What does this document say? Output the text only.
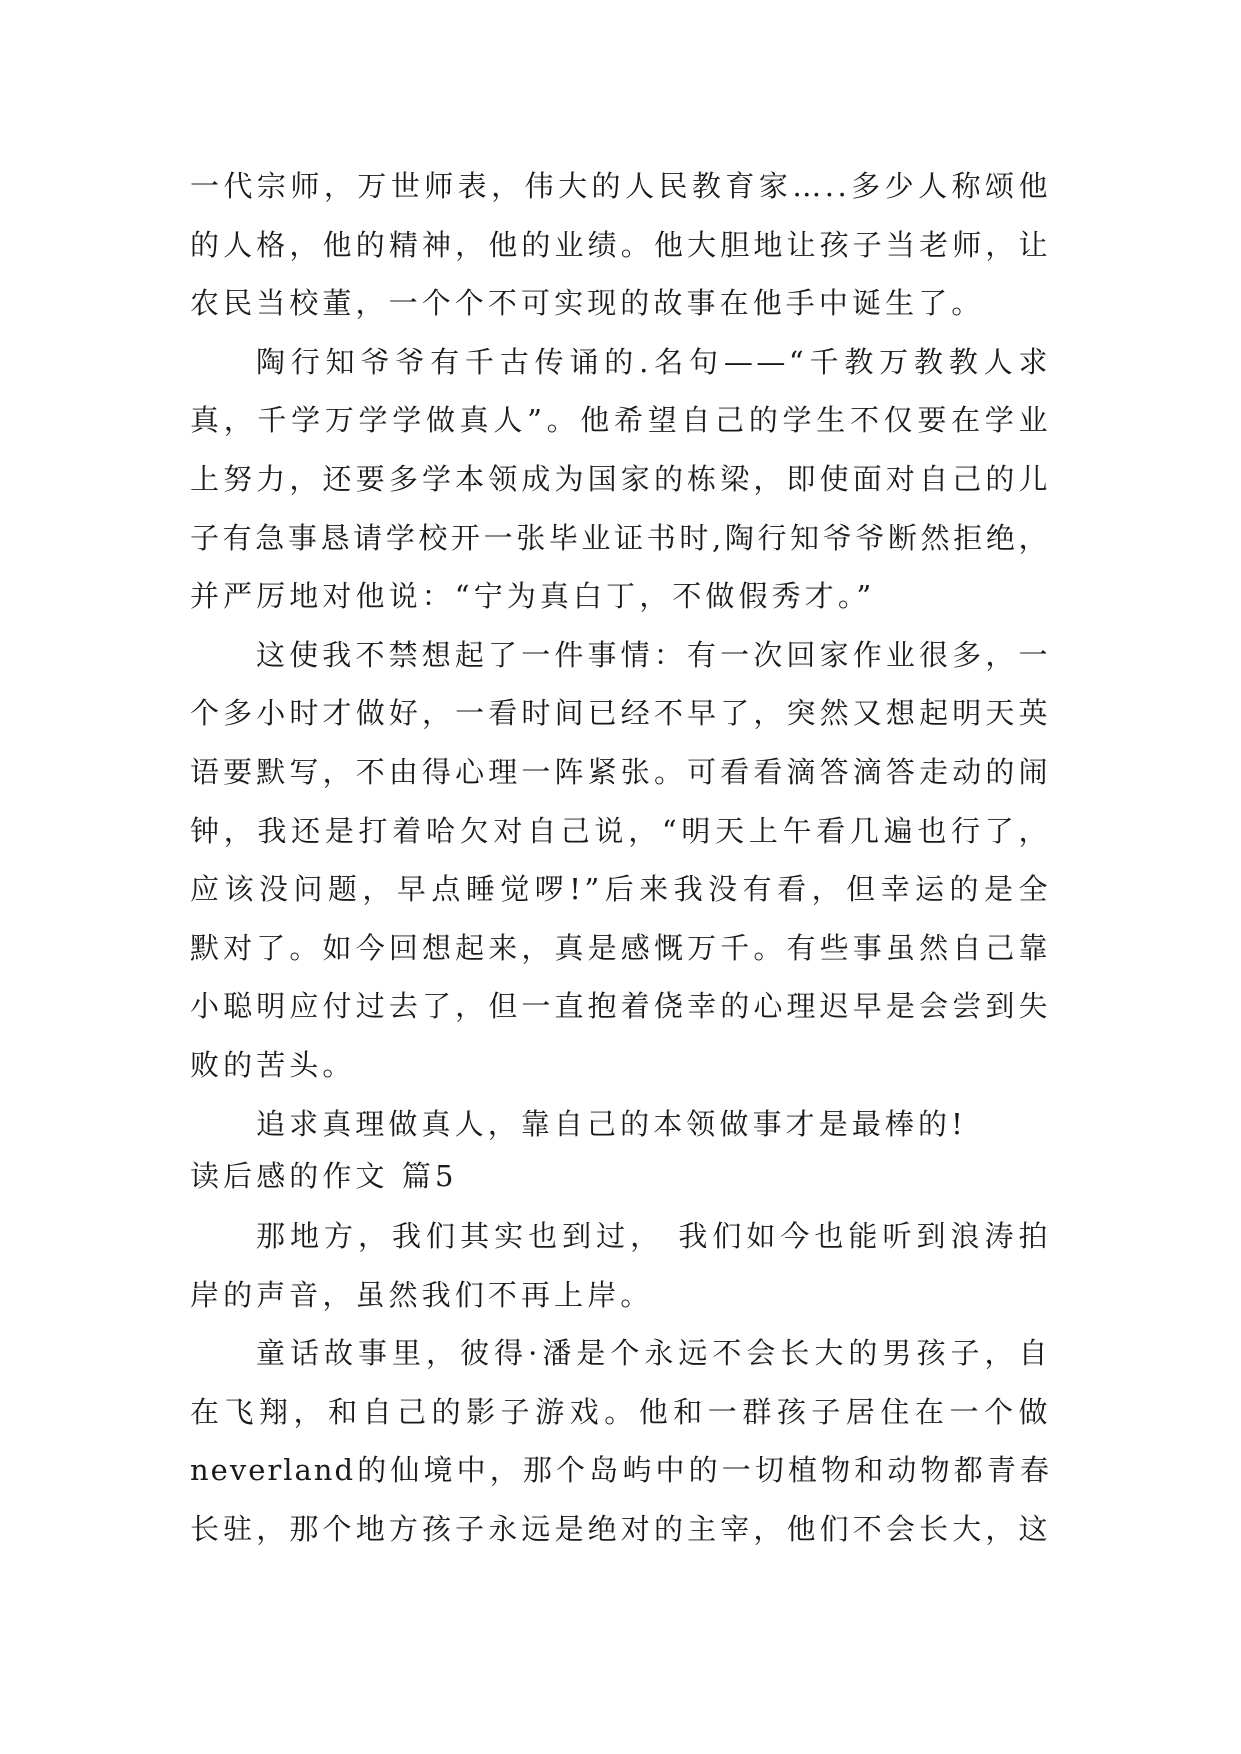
一代宗师，万世师表，伟大的人民教育家…..多少人称颂他
的人格，他的精神，他的业绩。他大胆地让孩子当老师，让
农民当校董，一个个不可实现的故事在他手中诞生了。
陶行知爷爷有千古传诵的.名句——“千教万教教人求
真，千学万学学做真人”。他希望自己的学生不仅要在学业
上努力，还要多学本领成为国家的栋梁，即使面对自己的儿
子有急事恳请学校开一张毕业证书时,陶行知爷爷断然拒绝，
并严厉地对他说：“宁为真白丁，不做假秀才。”
这使我不禁想起了一件事情：有一次回家作业很多，一
个多小时才做好，一看时间已经不早了，突然又想起明天英
语要默写，不由得心理一阵紧张。可看看滴答滴答走动的闹
钟，我还是打着哈欠对自己说，“明天上午看几遍也行了，
应该没问题，早点睡觉啰!”后来我没有看，但幸运的是全
默对了。如今回想起来，真是感慨万千。有些事虽然自己靠
小聪明应付过去了，但一直抱着侥幸的心理迟早是会尝到失
败的苦头。
追求真理做真人，靠自己的本领做事才是最棒的!
读后感的作文 篇5
那地方，我们其实也到过， 我们如今也能听到浪涛拍
岸的声音，虽然我们不再上岸。
童话故事里，彼得·潘是个永远不会长大的男孩子，自
在飞翔，和自己的影子游戏。他和一群孩子居住在一个做
neverland的仙境中，那个岛屿中的一切植物和动物都青春
长驻，那个地方孩子永远是绝对的主宰，他们不会长大，这
